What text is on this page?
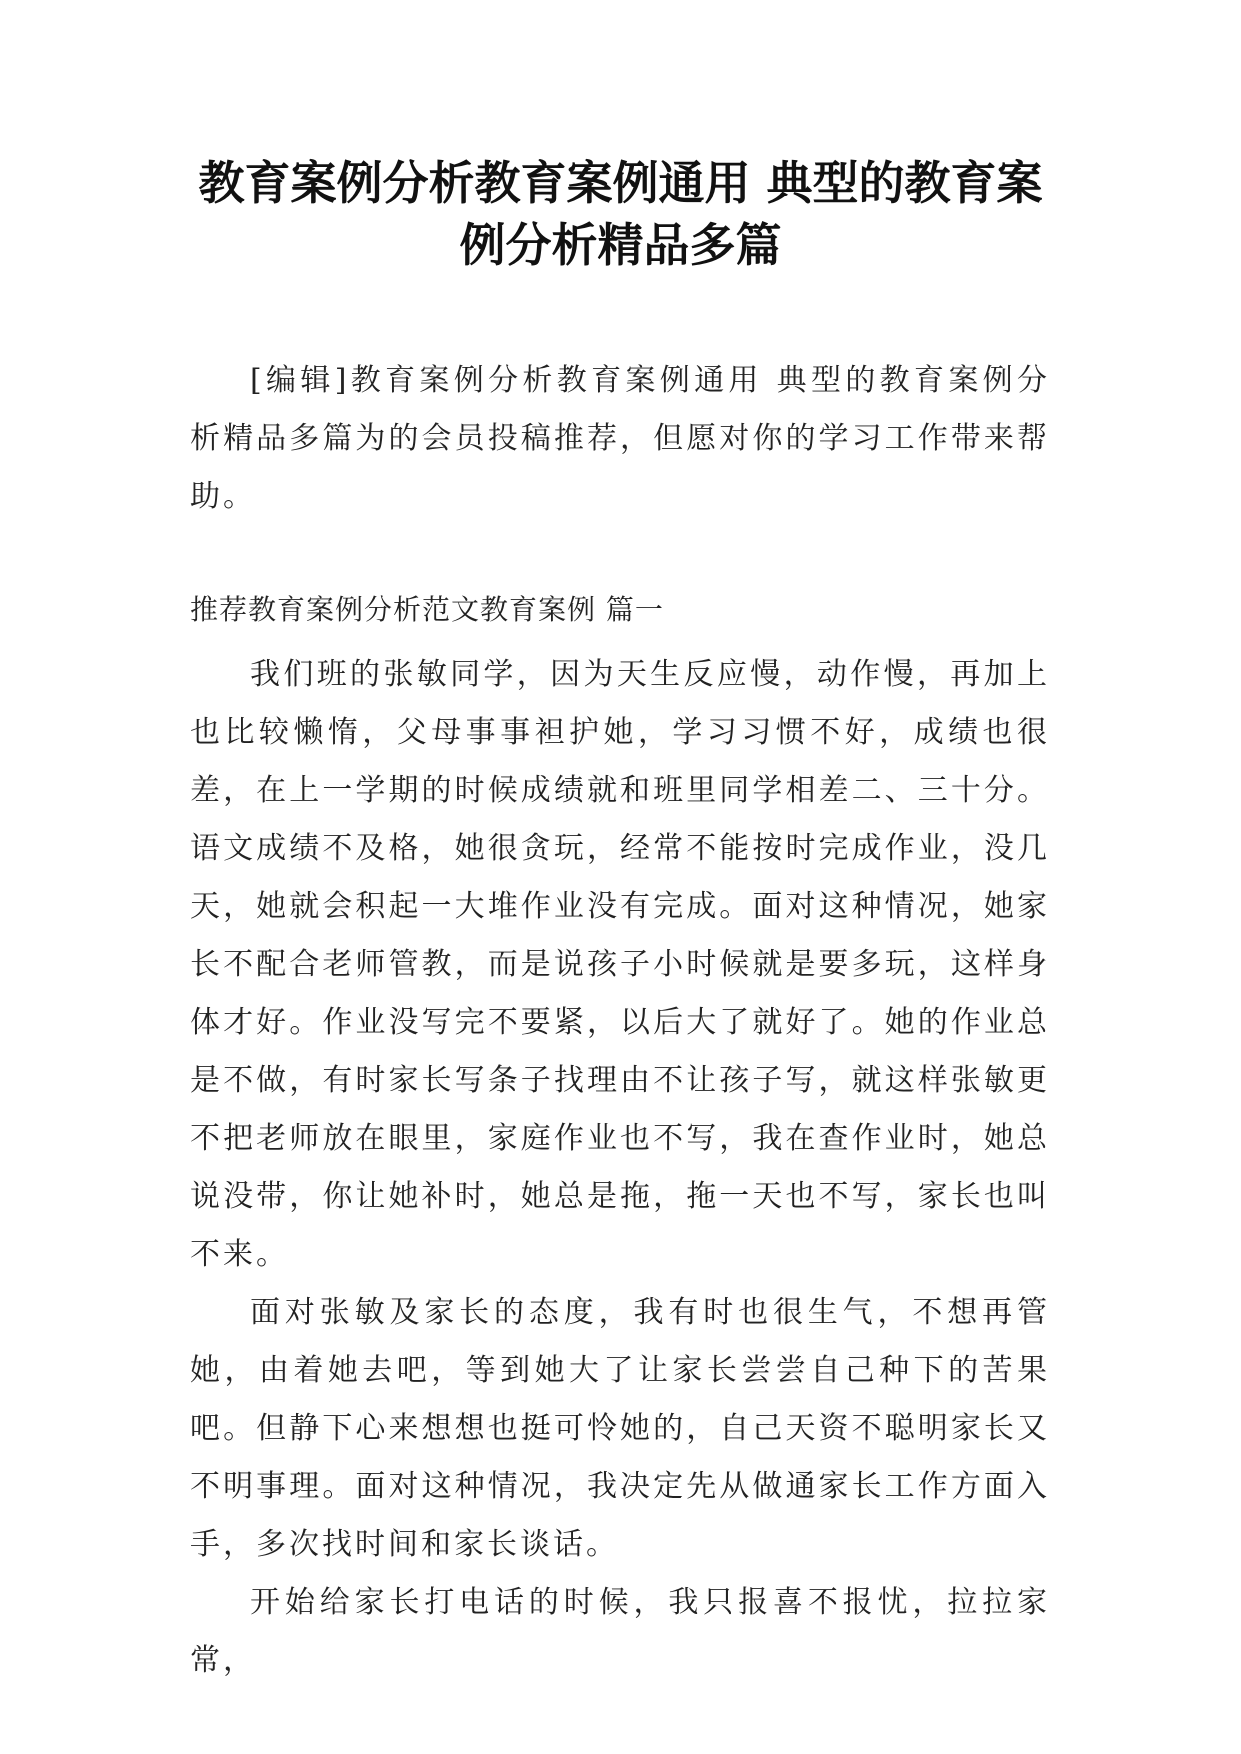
教育案例分析教育案例通用 典型的教育案
例分析精品多篇

[编辑]教育案例分析教育案例通用 典型的教育案例分析精品多篇为的会员投稿推荐，但愿对你的学习工作带来帮助。

推荐教育案例分析范文教育案例 篇一

我们班的张敏同学，因为天生反应慢，动作慢，再加上也比较懒惰，父母事事袒护她，学习习惯不好，成绩也很差，在上一学期的时候成绩就和班里同学相差二、三十分。语文成绩不及格，她很贪玩，经常不能按时完成作业，没几天，她就会积起一大堆作业没有完成。面对这种情况，她家长不配合老师管教，而是说孩子小时候就是要多玩，这样身体才好。作业没写完不要紧，以后大了就好了。她的作业总是不做，有时家长写条子找理由不让孩子写，就这样张敏更不把老师放在眼里，家庭作业也不写，我在查作业时，她总说没带，你让她补时，她总是拖，拖一天也不写，家长也叫不来。

面对张敏及家长的态度，我有时也很生气，不想再管她，由着她去吧，等到她大了让家长尝尝自己种下的苦果吧。但静下心来想想也挺可怜她的，自己天资不聪明家长又不明事理。面对这种情况，我决定先从做通家长工作方面入手，多次找时间和家长谈话。

开始给家长打电话的时候，我只报喜不报忧，拉拉家常，
